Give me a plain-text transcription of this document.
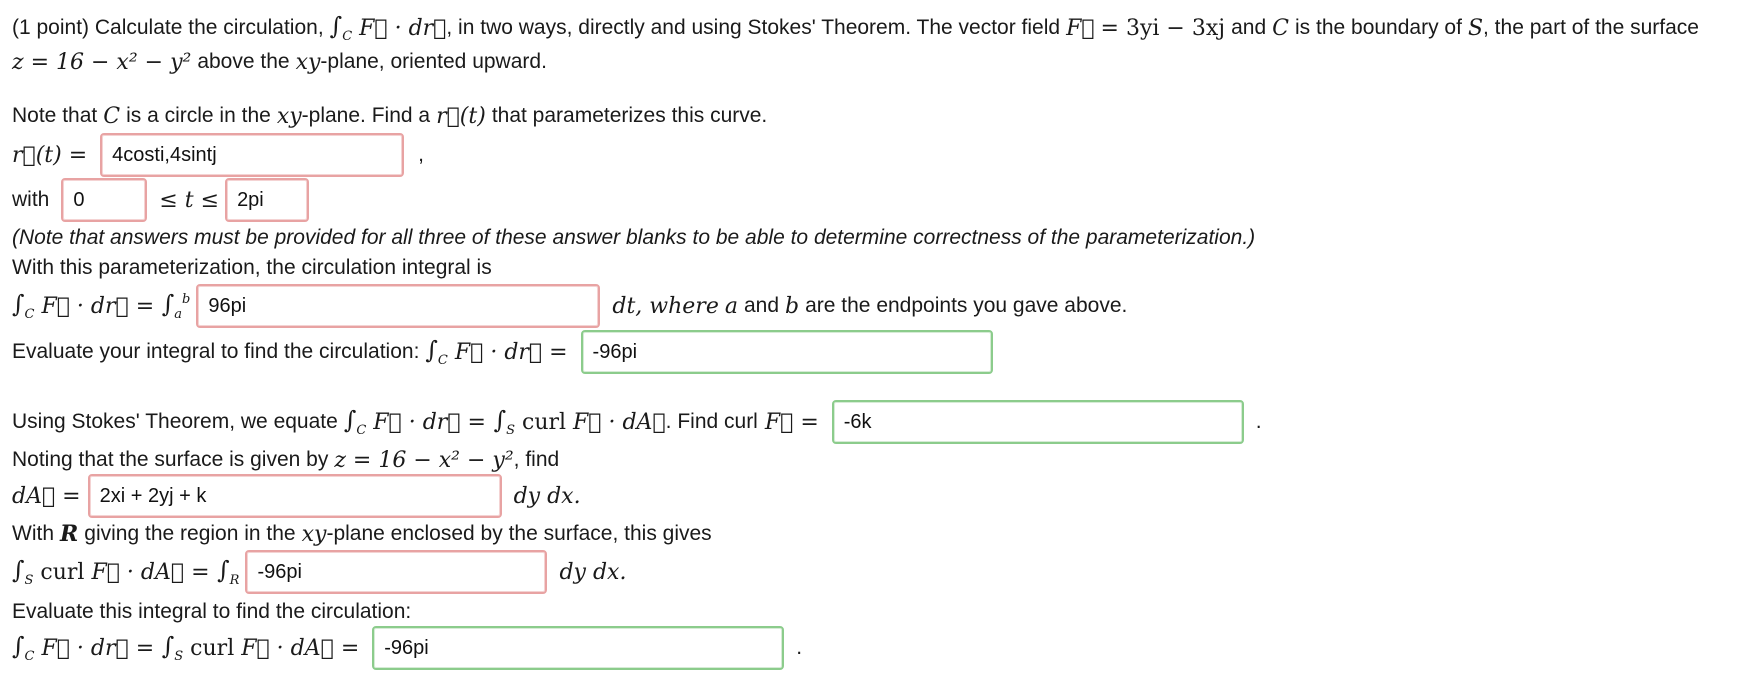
(1 point) Calculate the circulation, $\int_C$ F⃗ · dr⃗ , in two ways, directly and using Stokes' Theorem. The vector field F⃗ = 3yi − 3xj and C is the boundary of S , the part of the surface
z = 16 − x² − y² above the xy -plane, oriented upward.
Note that C is a circle in the xy -plane. Find a r⃗(t) that parameterizes this curve.
r⃗(t) = 4costi,4sintj	,
with	0	≤ t ≤ 2pi
(Note that answers must be provided for all three of these answer blanks to be able to determine correctness of the parameterization.)
With this parameterization, the circulation integral is
$\int_C$ F⃗ · dr⃗ = $\int_a^b$ 96pi	dt, where a and b are the endpoints you gave above.
Evaluate your integral to find the circulation: $\int_C$ F⃗ · dr⃗ = -96pi
Using Stokes' Theorem, we equate $\int_C$ F⃗ · dr⃗ = $\int_S$ curl F⃗ · dA⃗ . Find curl F⃗ = -6k	.
Noting that the surface is given by z = 16 − x² − y² , find
dA⃗ = 2xi + 2yj + k	dy dx.
With R giving the region in the xy -plane enclosed by the surface, this gives
$\int_S$ curl F⃗ · dA⃗ = $\int_R$ -96pi	dy dx.
Evaluate this integral to find the circulation:
$\int_C$ F⃗ · dr⃗ = $\int_S$ curl F⃗ · dA⃗ = -96pi	.
